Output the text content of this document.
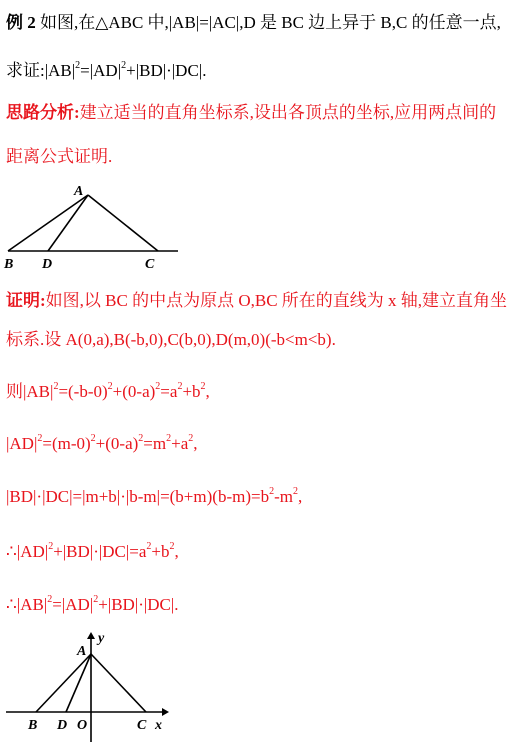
例 2 如图,在△ABC 中,|AB|=|AC|,D 是 BC 边上异于 B,C 的任意一点,
求证$:|AB|^2=|AD|^2+|BD|\cdot|DC|$.
思路分析:建立适当的直角坐标系,设出各顶点的坐标,应用两点间的
距离公式证明.
A
B D	C
证明:如图,以 BC 的中点为原点 O,BC 所在的直线为 x 轴,建立直角坐
标系.设 A(0,a),B(-b,0),C(b,0),D(m,0)(-b<m<b).
则$|AB|^2=(-b-0)^2+(0-a)^2=a^2+b^2$,
$|AD|^2=(m-0)^2+(0-a)^2=m^2+a^2$,
$|BD|\cdot|DC|=|m+b|\cdot|b-m|=(b+m)(b-m)=b^2-m^2$,
$\therefore|AD|^2+|BD|\cdot|DC|=a^2+b^2$,
$\therefore|AB|^2=|AD|^2+|BD|\cdot|DC|$.
A
y
B D O	C x
